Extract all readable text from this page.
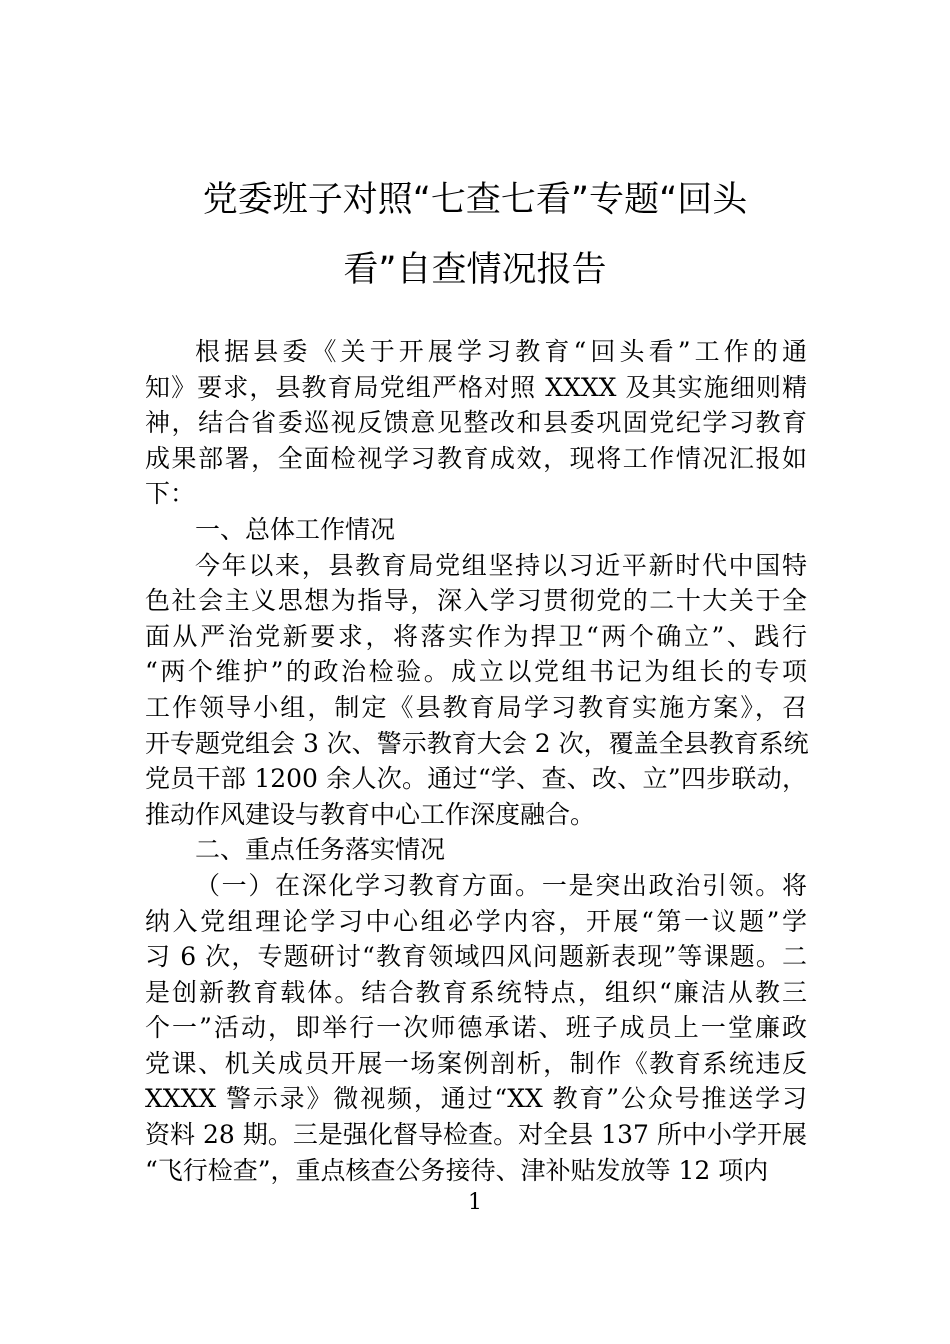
党委班子对照“七查七看”专题“回头
看”自查情况报告
根据县委《关于开展学习教育“回头看”工作的通
知》要求，县教育局党组严格对照 XXXX 及其实施细则精
神，结合省委巡视反馈意见整改和县委巩固党纪学习教育
成果部署，全面检视学习教育成效，现将工作情况汇报如
下：
一、总体工作情况
今年以来，县教育局党组坚持以习近平新时代中国特
色社会主义思想为指导，深入学习贯彻党的二十大关于全
面从严治党新要求，将落实作为捍卫“两个确立”、践行
“两个维护”的政治检验。成立以党组书记为组长的专项
工作领导小组，制定《县教育局学习教育实施方案》，召
开专题党组会 3 次、警示教育大会 2 次，覆盖全县教育系统
党员干部 1200 余人次。通过“学、查、改、立”四步联动，
推动作风建设与教育中心工作深度融合。
二、重点任务落实情况
（一）在深化学习教育方面。一是突出政治引领。将
纳入党组理论学习中心组必学内容，开展“第一议题”学
习 6 次，专题研讨“教育领域四风问题新表现”等课题。二
是创新教育载体。结合教育系统特点，组织“廉洁从教三
个一”活动，即举行一次师德承诺、班子成员上一堂廉政
党课、机关成员开展一场案例剖析，制作《教育系统违反
XXXX 警示录》微视频，通过“XX 教育”公众号推送学习
资料 28 期。三是强化督导检查。对全县 137 所中小学开展
“飞行检查”，重点核查公务接待、津补贴发放等 12 项内
1
